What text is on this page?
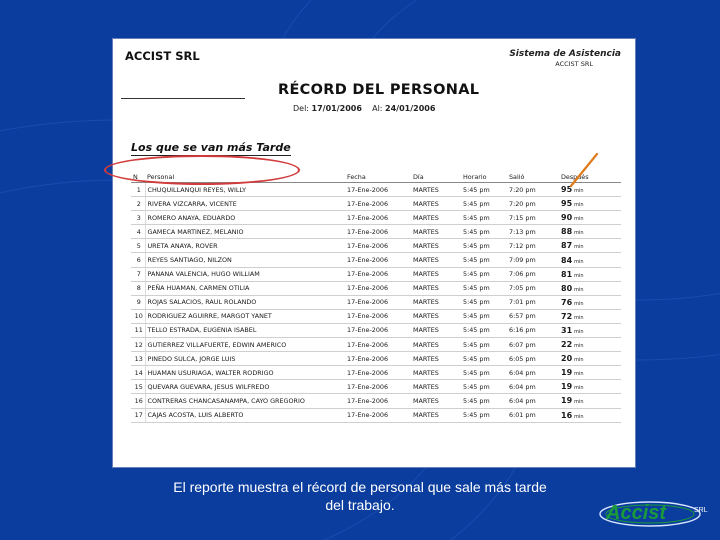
ACCIST SRL	Sistema de Asistencia
ACCIST SRL
RÉCORD DEL PERSONAL
Del: 17/01/2006 Al: 24/01/2006
Los que se van más Tarde
N	Personal	Fecha	Día	Horario	Salió	Después
1	CHUQUILLANQUI REYES, WILLY	17-Ene-2006	MARTES	5:45 pm	7:20 pm	95 min
2	RIVERA VIZCARRA, VICENTE	17-Ene-2006	MARTES	5:45 pm	7:20 pm	95 min
3	ROMERO ANAYA, EDUARDO	17-Ene-2006	MARTES	5:45 pm	7:15 pm	90 min
4	GAMECA MARTINEZ, MELANIO	17-Ene-2006	MARTES	5:45 pm	7:13 pm	88 min
5	URETA ANAYA, ROVER	17-Ene-2006	MARTES	5:45 pm	7:12 pm	87 min
6	REYES SANTIAGO, NILZON	17-Ene-2006	MARTES	5:45 pm	7:09 pm	84 min
7	PANANA VALENCIA, HUGO WILLIAM	17-Ene-2006	MARTES	5:45 pm	7:06 pm	81 min
8	PEÑA HUAMAN, CARMEN OTILIA	17-Ene-2006	MARTES	5:45 pm	7:05 pm	80 min
9	ROJAS SALACIOS, RAUL ROLANDO	17-Ene-2006	MARTES	5:45 pm	7:01 pm	76 min
10	RODRIGUEZ AGUIRRE, MARGOT YANET	17-Ene-2006	MARTES	5:45 pm	6:57 pm	72 min
11	TELLO ESTRADA, EUGENIA ISABEL	17-Ene-2006	MARTES	5:45 pm	6:16 pm	31 min
12	GUTIERREZ VILLAFUERTE, EDWIN AMERICO	17-Ene-2006	MARTES	5:45 pm	6:07 pm	22 min
13	PINEDO SULCA, JORGE LUIS	17-Ene-2006	MARTES	5:45 pm	6:05 pm	20 min
14	HUAMAN USURIAGA, WALTER RODRIGO	17-Ene-2006	MARTES	5:45 pm	6:04 pm	19 min
15	QUEVARA GUEVARA, JESUS WILFREDO	17-Ene-2006	MARTES	5:45 pm	6:04 pm	19 min
16	CONTRERAS CHANCASANAMPA, CAYO GREGORIO	17-Ene-2006	MARTES	5:45 pm	6:04 pm	19 min
17	CAJAS ACOSTA, LUIS ALBERTO	17-Ene-2006	MARTES	5:45 pm	6:01 pm	16 min
El reporte muestra el récord de personal que sale más tarde
del trabajo.	Accist	SRL
